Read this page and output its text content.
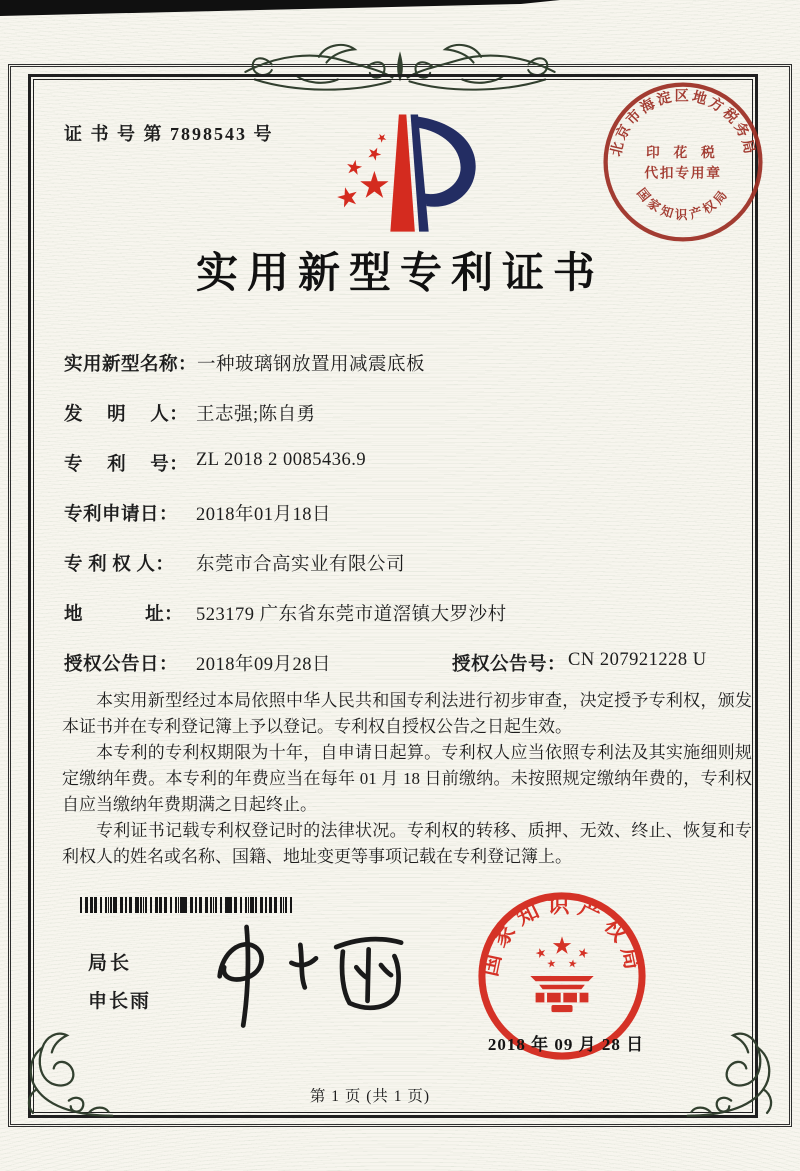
证 书 号 第 7898543 号
北京市海淀区地方税务局
印 花 税
代扣专用章
国家知识产权局
实用新型专利证书
实用新型名称： 一种玻璃钢放置用减震底板
发　 明　 人： 王志强;陈自勇
专　 利　 号： ZL 2018 2 0085436.9
专利申请日： 2018年01月18日
专 利 权 人：	东莞市合高实业有限公司
地　　　 址： 523179 广东省东莞市道滘镇大罗沙村
授权公告日： 2018年09月28日	授权公告号： CN 207921228 U

本实用新型经过本局依照中华人民共和国专利法进行初步审查，决定授予专利权，颁发本证书并在专利登记簿上予以登记。专利权自授权公告之日起生效。

本专利的专利权期限为十年，自申请日起算。专利权人应当依照专利法及其实施细则规定缴纳年费。本专利的年费应当在每年 01 月 18 日前缴纳。未按照规定缴纳年费的，专利权自应当缴纳年费期满之日起终止。

专利证书记载专利权登记时的法律状况。专利权的转移、质押、无效、终止、恢复和专利权人的姓名或名称、国籍、地址变更等事项记载在专利登记簿上。

局长
申长雨
国家知识产权局
2018 年 09 月 28 日
第 1 页 (共 1 页)
